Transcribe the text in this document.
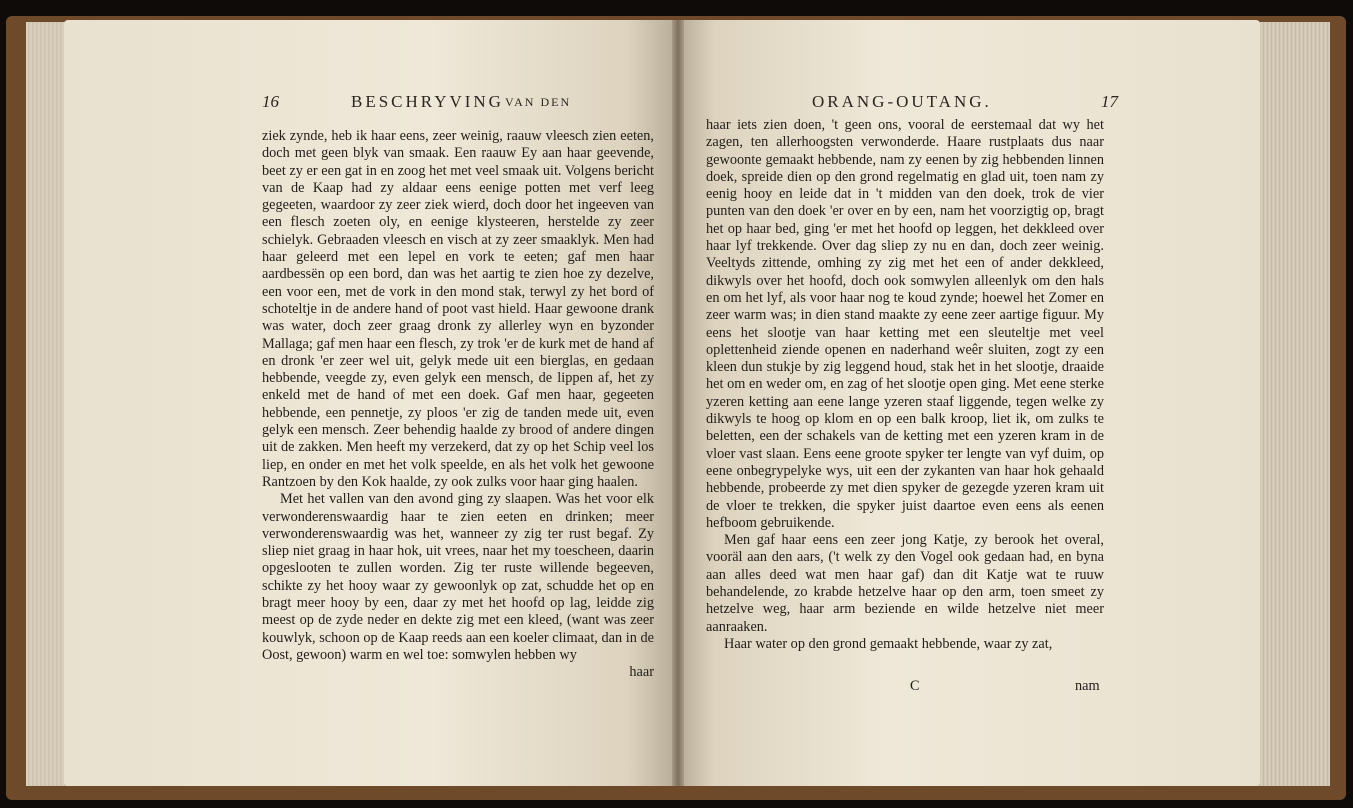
16	BESCHRYVING VAN DEN

ziek zynde, heb ik haar eens, zeer weinig, raauw vleesch zien eeten, doch met geen blyk van smaak. Een raauw Ey aan haar geevende, beet zy er een gat in en zoog het met veel smaak uit. Volgens bericht van de Kaap had zy aldaar eens eenige potten met verf leeg gegeeten, waardoor zy zeer ziek wierd, doch door het ingeeven van een flesch zoeten oly, en eenige klysteeren, herstelde zy zeer schielyk. Gebraaden vleesch en visch at zy zeer smaaklyk. Men had haar geleerd met een lepel en vork te eeten; gaf men haar aardbessën op een bord, dan was het aartig te zien hoe zy dezelve, een voor een, met de vork in den mond stak, terwyl zy het bord of schoteltje in de andere hand of poot vast hield. Haar gewoone drank was water, doch zeer graag dronk zy allerley wyn en byzonder Mallaga; gaf men haar een flesch, zy trok 'er de kurk met de hand af en dronk 'er zeer wel uit, gelyk mede uit een bierglas, en gedaan hebbende, veegde zy, even gelyk een mensch, de lippen af, het zy enkeld met de hand of met een doek. Gaf men haar, gegeeten hebbende, een pennetje, zy ploos 'er zig de tanden mede uit, even gelyk een mensch. Zeer behendig haalde zy brood of andere dingen uit de zakken. Men heeft my verzekerd, dat zy op het Schip veel los liep, en onder en met het volk speelde, en als het volk het gewoone Rantzoen by den Kok haalde, zy ook zulks voor haar ging haalen.

Met het vallen van den avond ging zy slaapen. Was het voor elk verwonderenswaardig haar te zien eeten en drinken; meer verwonderenswaardig was het, wanneer zy zig ter rust begaf. Zy sliep niet graag in haar hok, uit vrees, naar het my toescheen, daarin opgeslooten te zullen worden. Zig ter ruste willende begeeven, schikte zy het hooy waar zy gewoonlyk op zat, schudde het op en bragt meer hooy by een, daar zy met het hoofd op lag, leidde zig meest op de zyde neder en dekte zig met een kleed, (want was zeer kouwlyk, schoon op de Kaap reeds aan een koeler climaat, dan in de Oost, gewoon) warm en wel toe: somwylen hebben wy

haar

ORANG-OUTANG.	17

haar iets zien doen, 't geen ons, vooral de eerstemaal dat wy het zagen, ten allerhoogsten verwonderde. Haare rustplaats dus naar gewoonte gemaakt hebbende, nam zy eenen by zig hebbenden linnen doek, spreide dien op den grond regelmatig en glad uit, toen nam zy eenig hooy en leide dat in 't midden van den doek, trok de vier punten van den doek 'er over en by een, nam het voorzigtig op, bragt het op haar bed, ging 'er met het hoofd op leggen, het dekkleed over haar lyf trekkende. Over dag sliep zy nu en dan, doch zeer weinig. Veeltyds zittende, omhing zy zig met het een of ander dekkleed, dikwyls over het hoofd, doch ook somwylen alleenlyk om den hals en om het lyf, als voor haar nog te koud zynde; hoewel het Zomer en zeer warm was; in dien stand maakte zy eene zeer aartige figuur. My eens het slootje van haar ketting met een sleuteltje met veel oplettenheid ziende openen en naderhand weêr sluiten, zogt zy een kleen dun stukje by zig leggend houd, stak het in het slootje, draaide het om en weder om, en zag of het slootje open ging. Met eene sterke yzeren ketting aan eene lange yzeren staaf liggende, tegen welke zy dikwyls te hoog op klom en op een balk kroop, liet ik, om zulks te beletten, een der schakels van de ketting met een yzeren kram in de vloer vast slaan. Eens eene groote spyker ter lengte van vyf duim, op eene onbegrypelyke wys, uit een der zykanten van haar hok gehaald hebbende, probeerde zy met dien spyker de gezegde yzeren kram uit de vloer te trekken, die spyker juist daartoe even eens als eenen hefboom gebruikende.

Men gaf haar eens een zeer jong Katje, zy berook het overal, vooräl aan den aars, ('t welk zy den Vogel ook gedaan had, en byna aan alles deed wat men haar gaf) dan dit Katje wat te ruuw behandelende, zo krabde hetzelve haar op den arm, toen smeet zy hetzelve weg, haar arm beziende en wilde hetzelve niet meer aanraaken.

Haar water op den grond gemaakt hebbende, waar zy zat,

C	nam
